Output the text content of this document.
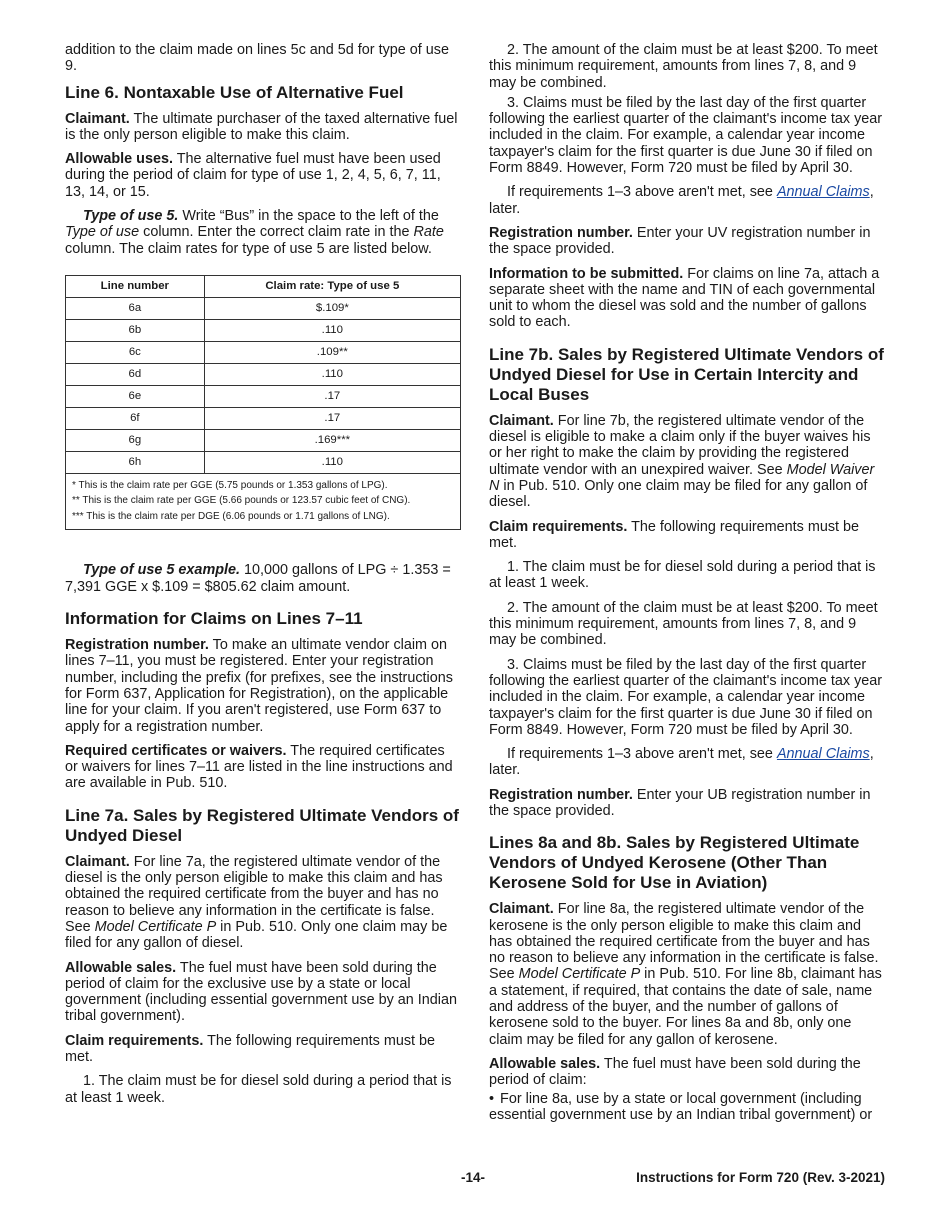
addition to the claim made on lines 5c and 5d for type of use 9.

Line 6. Nontaxable Use of Alternative Fuel

Claimant. The ultimate purchaser of the taxed alternative fuel is the only person eligible to make this claim.

Allowable uses. The alternative fuel must have been used during the period of claim for type of use 1, 2, 4, 5, 6, 7, 11, 13, 14, or 15.

Type of use 5. Write “Bus” in the space to the left of the Type of use column. Enter the correct claim rate in the Rate column. The claim rates for type of use 5 are listed below.

Line number	Claim rate: Type of use 5
6a	$.109*
6b	.110
6c	.109**
6d	.110
6e	.17
6f	.17
6g	.169***
6h	.110

* This is the claim rate per GGE (5.75 pounds or 1.353 gallons of LPG).
** This is the claim rate per GGE (5.66 pounds or 123.57 cubic feet of CNG).
*** This is the claim rate per DGE (6.06 pounds or 1.71 gallons of LNG).	

Type of use 5 example. 10,000 gallons of LPG ÷ 1.353 = 7,391 GGE x $.109 = $805.62 claim amount.

Information for Claims on Lines 7–11

Registration number. To make an ultimate vendor claim on lines 7–11, you must be registered. Enter your registration number, including the prefix (for prefixes, see the instructions for Form 637, Application for Registration), on the applicable line for your claim. If you aren't registered, use Form 637 to apply for a registration number.

Required certificates or waivers. The required certificates or waivers for lines 7–11 are listed in the line instructions and are available in Pub. 510.

Line 7a. Sales by Registered Ultimate Vendors of Undyed Diesel

Claimant. For line 7a, the registered ultimate vendor of the diesel is the only person eligible to make this claim and has obtained the required certificate from the buyer and has no reason to believe any information in the certificate is false. See Model Certificate P in Pub. 510. Only one claim may be filed for any gallon of diesel.

Allowable sales. The fuel must have been sold during the period of claim for the exclusive use by a state or local government (including essential government use by an Indian tribal government).

Claim requirements. The following requirements must be met.

1. The claim must be for diesel sold during a period that is at least 1 week.

2. The amount of the claim must be at least $200. To meet this minimum requirement, amounts from lines 7, 8, and 9 may be combined.

3. Claims must be filed by the last day of the first quarter following the earliest quarter of the claimant's income tax year included in the claim. For example, a calendar year income taxpayer's claim for the first quarter is due June 30 if filed on Form 8849. However, Form 720 must be filed by April 30.

If requirements 1–3 above aren't met, see Annual Claims, later.

Registration number. Enter your UV registration number in the space provided.

Information to be submitted. For claims on line 7a, attach a separate sheet with the name and TIN of each governmental unit to whom the diesel was sold and the number of gallons sold to each.

Line 7b. Sales by Registered Ultimate Vendors of Undyed Diesel for Use in Certain Intercity and Local Buses

Claimant. For line 7b, the registered ultimate vendor of the diesel is eligible to make a claim only if the buyer waives his or her right to make the claim by providing the registered ultimate vendor with an unexpired waiver. See Model Waiver N in Pub. 510. Only one claim may be filed for any gallon of diesel.

Claim requirements. The following requirements must be met.

1. The claim must be for diesel sold during a period that is at least 1 week.

2. The amount of the claim must be at least $200. To meet this minimum requirement, amounts from lines 7, 8, and 9 may be combined.

3. Claims must be filed by the last day of the first quarter following the earliest quarter of the claimant's income tax year included in the claim. For example, a calendar year income taxpayer's claim for the first quarter is due June 30 if filed on Form 8849. However, Form 720 must be filed by April 30.

If requirements 1–3 above aren't met, see Annual Claims, later.

Registration number. Enter your UB registration number in the space provided.

Lines 8a and 8b. Sales by Registered Ultimate Vendors of Undyed Kerosene (Other Than Kerosene Sold for Use in Aviation)

Claimant. For line 8a, the registered ultimate vendor of the kerosene is the only person eligible to make this claim and has obtained the required certificate from the buyer and has no reason to believe any information in the certificate is false. See Model Certificate P in Pub. 510. For line 8b, claimant has a statement, if required, that contains the date of sale, name and address of the buyer, and the number of gallons of kerosene sold to the buyer. For lines 8a and 8b, only one claim may be filed for any gallon of kerosene.

Allowable sales. The fuel must have been sold during the period of claim:

• For line 8a, use by a state or local government (including essential government use by an Indian tribal government) or

-14-	Instructions for Form 720 (Rev. 3-2021)
